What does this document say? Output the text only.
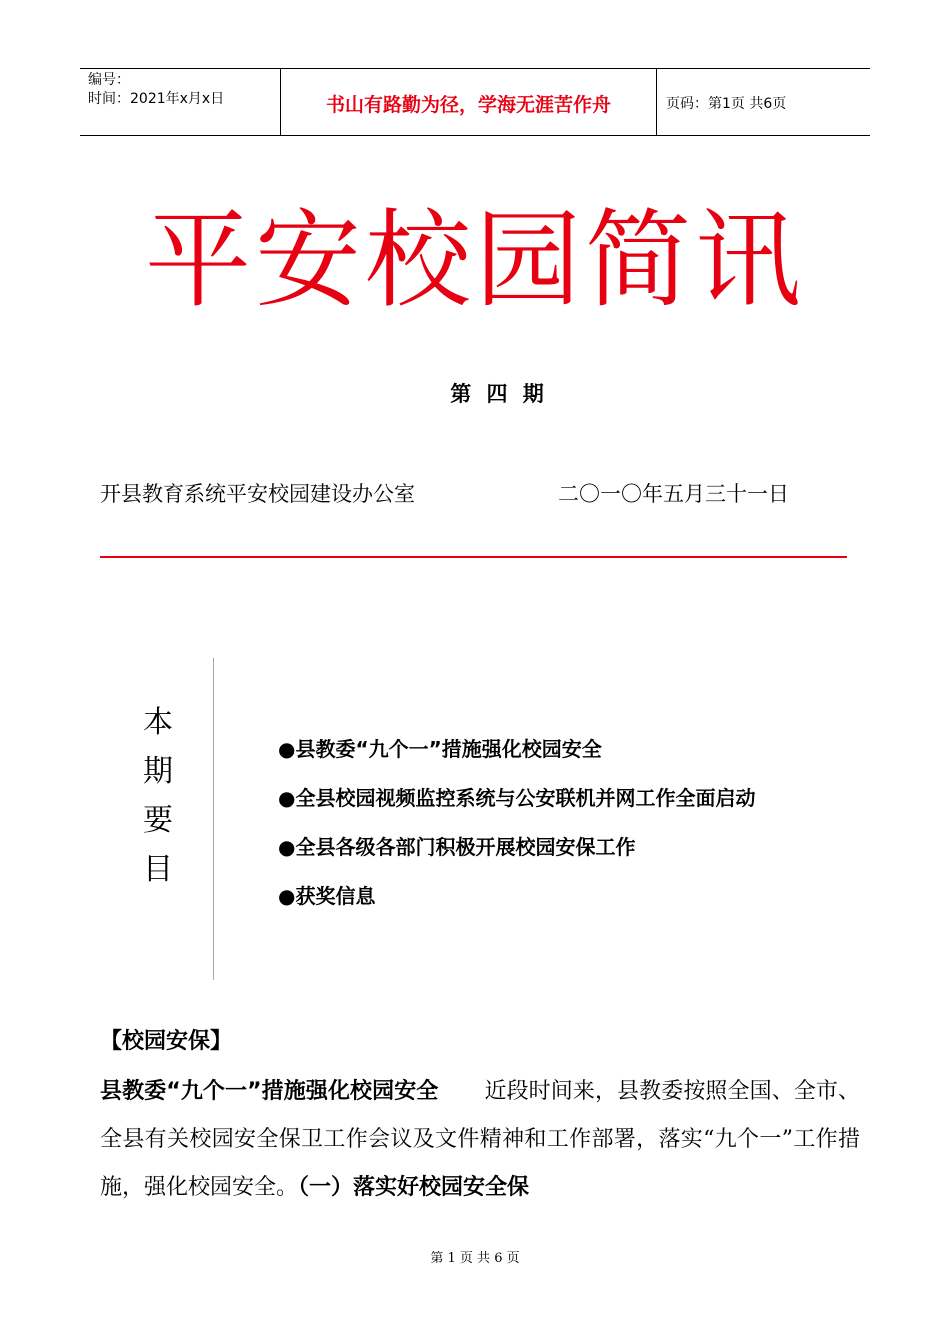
编号：
时间：2021年x月x日	书山有路勤为径，学海无涯苦作舟	页码：第1页 共6页
平安校园简讯
第 四 期
开县教育系统平安校园建设办公室	二〇一〇年五月三十一日
本
期
要
目
●县教委“九个一”措施强化校园安全
●全县校园视频监控系统与公安联机并网工作全面启动
●全县各级各部门积极开展校园安保工作
●获奖信息
【校园安保】
县教委“九个一”措施强化校园安全 近段时间来，县教委按照全国、全市、全县有关校园安全保卫工作会议及文件精神和工作部署，落实“九个一”工作措施，强化校园安全。（一）落实好校园安全保
第 1 页 共 6 页
